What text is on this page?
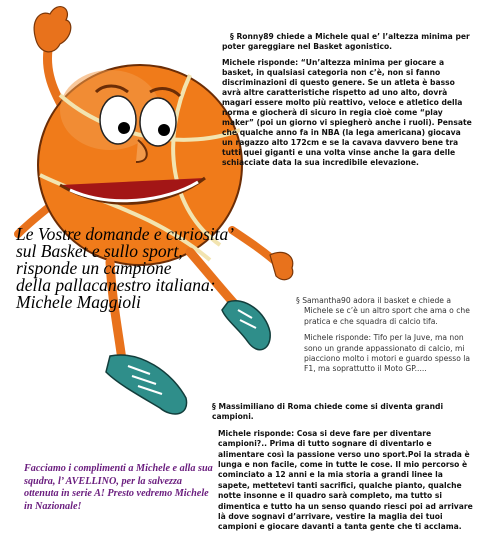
Le Vostre domande e curiosita’
sul Basket e sullo sport,
risponde un campione
della pallacanestro italiana:
Michele Maggioli

§ Ronny89 chiede a Michele qual e’ l’altezza minima per poter gareggiare nel Basket agonistico.

Michele risponde: “Un’altezza minima per giocare a basket, in qualsiasi categoria non c’è, non si fanno discriminazioni di questo genere. Se un atleta è basso avrà altre caratteristiche rispetto ad uno alto, dovrà magari essere molto più reattivo, veloce e atletico della norma e giocherà di sicuro in regia cioè come “play maker” (poi un giorno vi spiegherò anche i ruoli). Pensate che qualche anno fa in NBA (la lega americana) giocava un ragazzo alto 172cm e se la cavava davvero bene tra tutti quei giganti e una volta vinse anche la gara delle schiacciate data la sua incredibile elevazione.

§ Samantha90 adora il basket e chiede a Michele se c’è un altro sport che ama o che pratica e che squadra di calcio tifa.

Michele risponde: Tifo per la Juve, ma non sono un grande appassionato di calcio, mi piacciono molto i motori e guardo spesso la F1, ma soprattutto il Moto GP.....

§ Massimiliano di Roma chiede come si diventa grandi campioni.

Michele risponde: Cosa si deve fare per diventare campioni?.. Prima di tutto sognare di diventarlo e alimentare così la passione verso uno sport.Poi la strada è lunga e non facile, come in tutte le cose. Il mio percorso è cominciato a 12 anni e la mia storia a grandi linee la sapete, mettetevi tanti sacrifici, qualche pianto, qualche notte insonne e il quadro sarà completo, ma tutto si dimentica e tutto ha un senso quando riesci poi ad arrivare là dove sognavi d’arrivare, vestire la maglia dei tuoi campioni e giocare davanti a tanta gente che ti acclama.

Facciamo i complimenti a Michele e alla sua squdra, l’ AVELLINO, per la salvezza ottenuta in serie A! Presto vedremo Michele in Nazionale!
